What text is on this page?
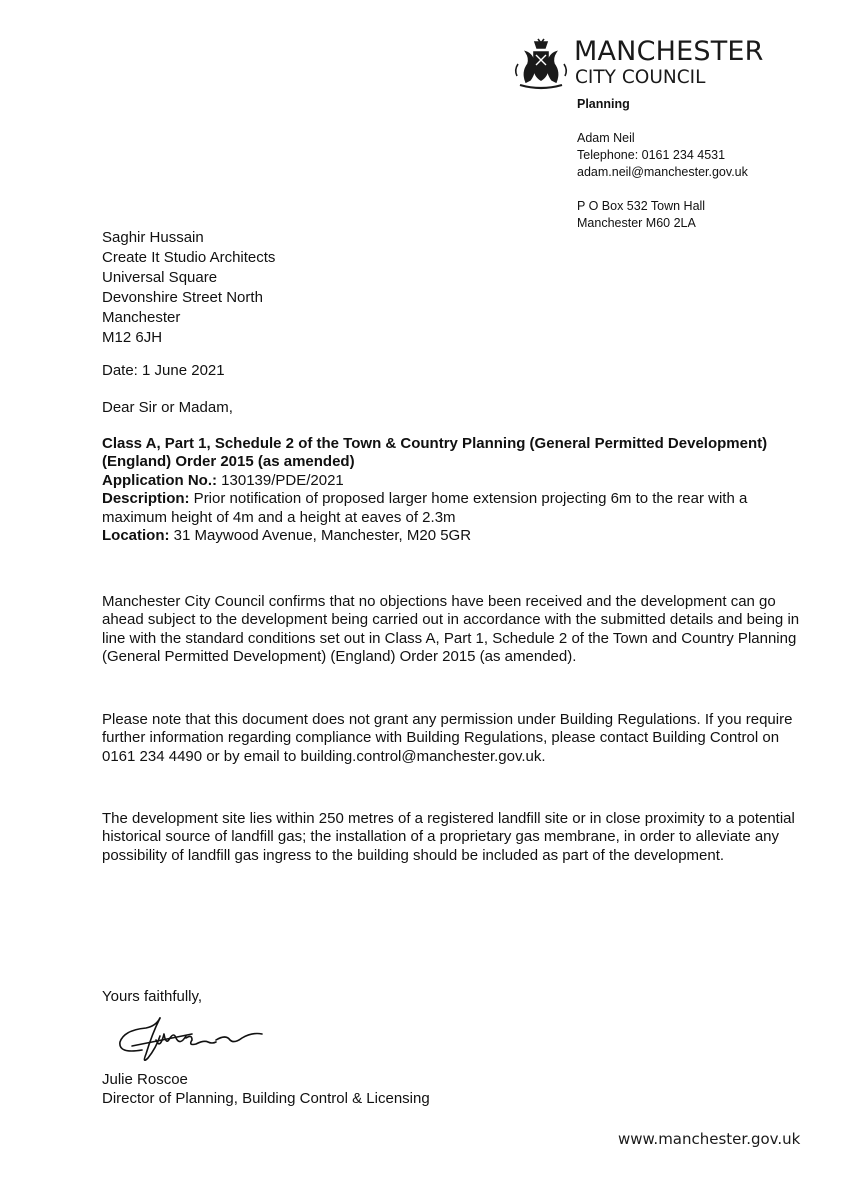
MANCHESTER
CITY COUNCIL
Planning
Adam Neil
Telephone: 0161 234 4531
adam.neil@manchester.gov.uk
P O Box 532 Town Hall
Manchester M60 2LA
Saghir Hussain
Create It Studio Architects
Universal Square
Devonshire Street North
Manchester
M12 6JH
Date: 1 June 2021
Dear Sir or Madam,
Class A, Part 1, Schedule 2 of the Town & Country Planning (General Permitted Development) (England) Order 2015 (as amended)
Application No.: 130139/PDE/2021
Description: Prior notification of proposed larger home extension projecting 6m to the rear with a maximum height of 4m and a height at eaves of 2.3m
Location: 31 Maywood Avenue, Manchester, M20 5GR
Manchester City Council confirms that no objections have been received and the development can go ahead subject to the development being carried out in accordance with the submitted details and being in line with the standard conditions set out in Class A, Part 1, Schedule 2 of the Town and Country Planning (General Permitted Development) (England) Order 2015 (as amended).
Please note that this document does not grant any permission under Building Regulations. If you require further information regarding compliance with Building Regulations, please contact Building Control on 0161 234 4490 or by email to building.control@manchester.gov.uk.
The development site lies within 250 metres of a registered landfill site or in close proximity to a potential historical source of landfill gas; the installation of a proprietary gas membrane, in order to alleviate any possibility of landfill gas ingress to the building should be included as part of the development.
Yours faithfully,
Julie Roscoe
Director of Planning, Building Control & Licensing
www.manchester.gov.uk
